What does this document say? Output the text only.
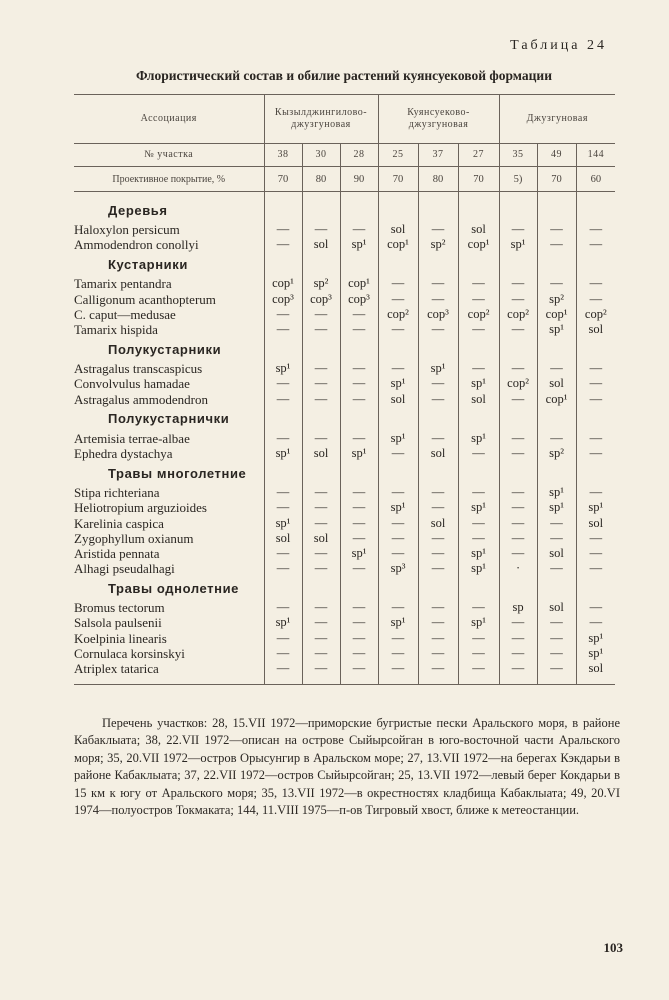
Таблица 24
Флористический состав и обилие растений куянсуековой формации
Ассоциация	Кызылджингилово-джузгуновая			Куянсуеково-джузгуновая			Джузгуновая		
№ участка	38	30	28	25	37	27	35	49	144
Проективное покрытие, %	70	80	90	70	80	70	5)	70	60

Деревья									
Haloxylon persicum	—	—	—	sol	—	sol	—	—	—
Ammodendron conollyi	—	sol	sp¹	cop¹	sp²	cop¹	sp¹	—	—
Кустарники									
Tamarix pentandra	cop¹	sp²	cop¹	—	—	—	—	—	—
Calligonum acanthopterum	cop³	cop³	cop³	—	—	—	—	sp²	—
C. caput—medusae	—	—	—	cop²	cop³	cop²	cop²	cop¹	cop²
Tamarix hispida	—	—	—	—	—	—	—	sp¹	sol
Полукустарники									
Astragalus transcaspicus	sp¹	—	—	—	sp¹	—	—	—	—
Convolvulus hamadae	—	—	—	sp¹	—	sp¹	cop²	sol	—
Astragalus ammodendron	—	—	—	sol	—	sol	—	cop¹	—
Полукустарнички									
Artemisia terrae-albae	—	—	—	sp¹	—	sp¹	—	—	—
Ephedra dystachya	sp¹	sol	sp¹	—	sol	—	—	sp²	—
Травы многолетние									
Stipa richteriana	—	—	—	—	—	—	—	sp¹	—
Heliotropium arguzioides	—	—	—	sp¹	—	sp¹	—	sp¹	sp¹
Karelinia caspica	sp¹	—	—	—	sol	—	—	—	sol
Zygophyllum oxianum	sol	sol	—	—	—	—	—	—	—
Aristida pennata	—	—	sp¹	—	—	sp¹	—	sol	—
Alhagi pseudalhagi	—	—	—	sp³	—	sp¹	·	—	—
Травы однолетние									
Bromus tectorum	—	—	—	—	—	—	sp	sol	—
Salsola paulsenii	sp¹	—	—	sp¹	—	sp¹	—	—	—
Koelpinia linearis	—	—	—	—	—	—	—	—	sp¹
Cornulaca korsinskyi	—	—	—	—	—	—	—	—	sp¹
Atriplex tatarica	—	—	—	—	—	—	—	—	sol

Перечень участков: 28, 15.VII 1972—приморские бугристые пески Аральского моря, в районе Кабаклыата; 38, 22.VII 1972—описан на острове Сыйырсойган в юго-восточной части Аральского моря; 35, 20.VII 1972—остров Орысунгир в Аральском море; 27, 13.VII 1972—на берегах Кэкдарьи в районе Кабаклыата; 37, 22.VII 1972—остров Сыйырсойган; 25, 13.VII 1972—левый берег Кокдарьи в 15 км к югу от Аральского моря; 35, 13.VII 1972—в окрестностях кладбища Кабаклыата; 49, 20.VI 1974—полуостров Токмаката; 144, 11.VIII 1975—п-ов Тигровый хвост, ближе к метеостанции.
103
